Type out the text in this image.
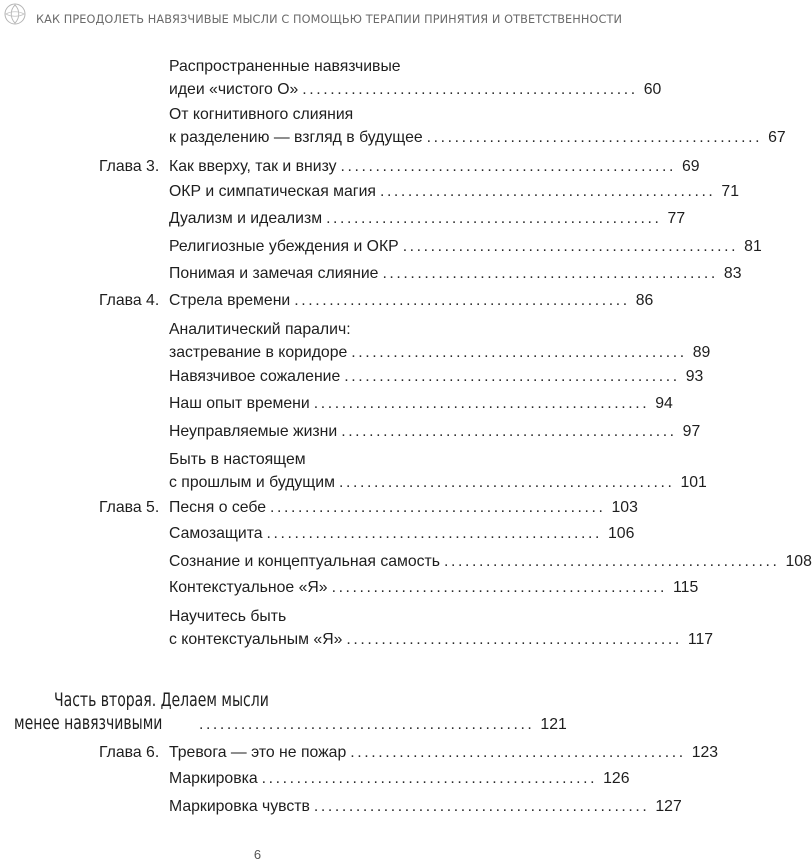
КАК ПРЕОДОЛЕТЬ НАВЯЗЧИВЫЕ МЫСЛИ С ПОМОЩЬЮ ТЕРАПИИ ПРИНЯТИЯ И ОТВЕТСТВЕННОСТИ
Распространенные навязчивые
идеи «чистого О» ................................................ 60
От когнитивного слияния
к разделению — взгляд в будущее ................................................ 67
Глава 3. Как вверху, так и внизу ................................................ 69
ОКР и симпатическая магия ................................................ 71
Дуализм и идеализм ................................................ 77
Религиозные убеждения и ОКР ................................................ 81
Понимая и замечая слияние ................................................ 83
Глава 4. Стрела времени ................................................ 86
Аналитический паралич:
застревание в коридоре ................................................ 89
Навязчивое сожаление ................................................ 93
Наш опыт времени ................................................ 94
Неуправляемые жизни ................................................ 97
Быть в настоящем
с прошлым и будущим ................................................ 101
Глава 5. Песня о себе ................................................ 103
Самозащита ................................................ 106
Сознание и концептуальная самость ................................................ 108
Контекстуальное «Я» ................................................ 115
Научитесь быть
с контекстуальным «Я» ................................................ 117
Часть вторая. Делаем мысли
менее навязчивыми ................................................ 121
Глава 6. Тревога — это не пожар ................................................ 123
Маркировка ................................................ 126
Маркировка чувств ................................................ 127
6
